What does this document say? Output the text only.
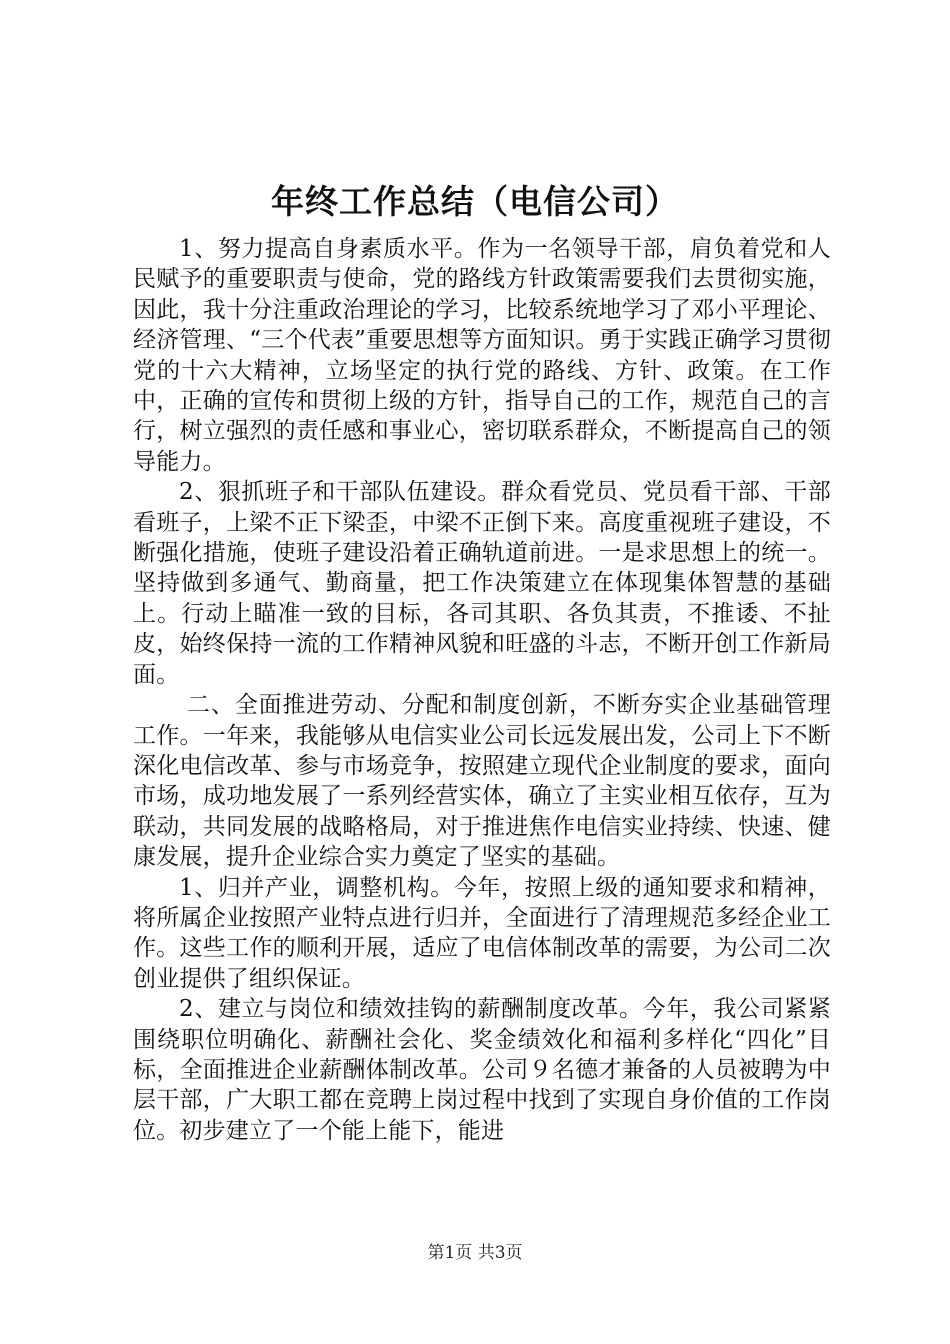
年终工作总结（电信公司）

1、努力提高自身素质水平。作为一名领导干部，肩负着党和人民赋予的重要职责与使命，党的路线方针政策需要我们去贯彻实施，因此，我十分注重政治理论的学习，比较系统地学习了邓小平理论、经济管理、“三个代表”重要思想等方面知识。勇于实践正确学习贯彻党的十六大精神，立场坚定的执行党的路线、方针、政策。在工作中，正确的宣传和贯彻上级的方针，指导自己的工作，规范自己的言行，树立强烈的责任感和事业心，密切联系群众，不断提高自己的领导能力。

2、狠抓班子和干部队伍建设。群众看党员、党员看干部、干部看班子，上梁不正下梁歪，中梁不正倒下来。高度重视班子建设，不断强化措施，使班子建设沿着正确轨道前进。一是求思想上的统一。坚持做到多通气、勤商量，把工作决策建立在体现集体智慧的基础上。行动上瞄准一致的目标，各司其职、各负其责，不推诿、不扯皮，始终保持一流的工作精神风貌和旺盛的斗志，不断开创工作新局面。

二、全面推进劳动、分配和制度创新，不断夯实企业基础管理工作。一年来，我能够从电信实业公司长远发展出发，公司上下不断深化电信改革、参与市场竞争，按照建立现代企业制度的要求，面向市场，成功地发展了一系列经营实体，确立了主实业相互依存，互为联动，共同发展的战略格局，对于推进焦作电信实业持续、快速、健康发展，提升企业综合实力奠定了坚实的基础。

1、归并产业，调整机构。今年，按照上级的通知要求和精神，将所属企业按照产业特点进行归并，全面进行了清理规范多经企业工作。这些工作的顺利开展，适应了电信体制改革的需要，为公司二次创业提供了组织保证。

2、建立与岗位和绩效挂钩的薪酬制度改革。今年，我公司紧紧围绕职位明确化、薪酬社会化、奖金绩效化和福利多样化“四化”目标，全面推进企业薪酬体制改革。公司９名德才兼备的人员被聘为中层干部，广大职工都在竞聘上岗过程中找到了实现自身价值的工作岗位。初步建立了一个能上能下，能进

第1页 共3页
